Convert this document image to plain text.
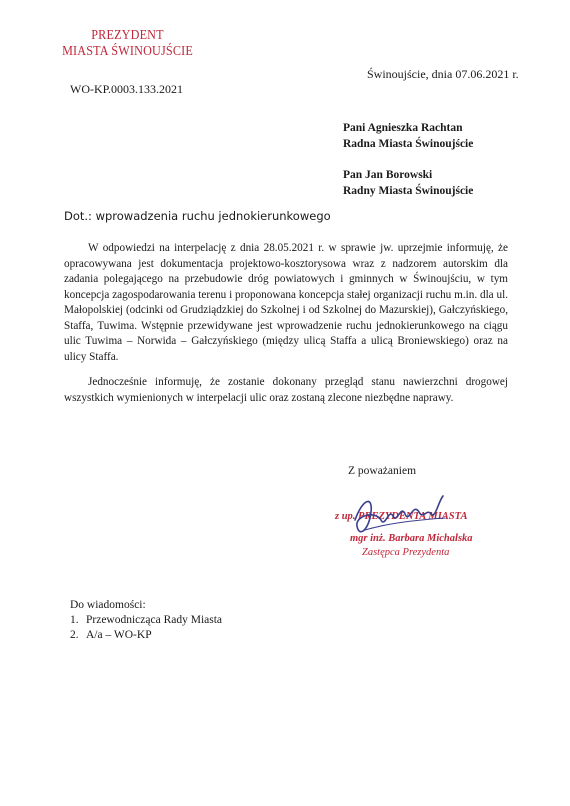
PREZYDENT
MIASTA ŚWINOUJŚCIE
WO-KP.0003.133.2021
Świnoujście, dnia 07.06.2021 r.
Pani Agnieszka Rachtan
Radna Miasta Świnoujście
Pan Jan Borowski
Radny Miasta Świnoujście
Dot.: wprowadzenia ruchu jednokierunkowego

W odpowiedzi na interpelację z dnia 28.05.2021 r. w sprawie jw. uprzejmie informuję, że opracowywana jest dokumentacja projektowo-kosztorysowa wraz z nadzorem autorskim dla zadania polegającego na przebudowie dróg powiatowych i gminnych w Świnoujściu, w tym koncepcja zagospodarowania terenu i proponowana koncepcja stałej organizacji ruchu m.in. dla ul. Małopolskiej (odcinki od Grudziądzkiej do Szkolnej i od Szkolnej do Mazurskiej), Gałczyńskiego, Staffa, Tuwima. Wstępnie przewidywane jest wprowadzenie ruchu jednokierunkowego na ciągu ulic Tuwima – Norwida – Gałczyńskiego (między ulicą Staffa a ulicą Broniewskiego) oraz na ulicy Staffa.

Jednocześnie informuję, że zostanie dokonany przegląd stanu nawierzchni drogowej wszystkich wymienionych w interpelacji ulic oraz zostaną zlecone niezbędne naprawy.

Z poważaniem
z up. PREZYDENTA MIASTA
mgr inż. Barbara Michalska
Zastępca Prezydenta
Do wiadomości:
1. Przewodnicząca Rady Miasta
2. A/a – WO-KP
